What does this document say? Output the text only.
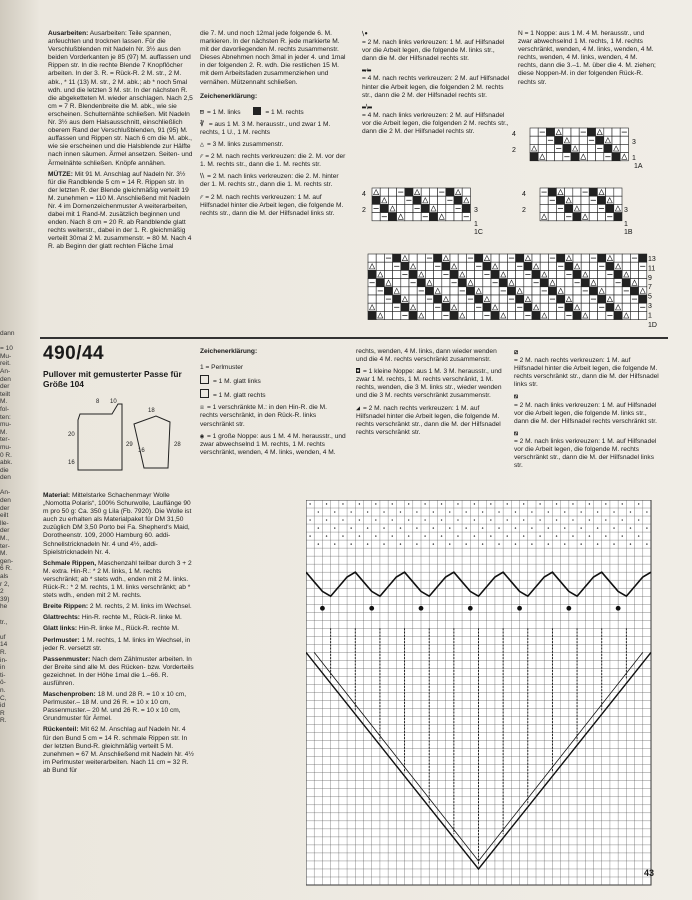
dann

= 10
Mu-
reit.
An-
den
der
teilt
M.
fol-
ten:
mu-
M.
ter-
mu-
0 R.
abk.
die
den

An-
den
der
eilt
lle-
der
M.,
ter-
M.
gen-
6 R.
als
r 2,
2
39)
he

tr.,

uf
14
R.
in-
in
ti-
ö-
n.
C,
id
R
R.

Ausarbeiten: Ausarbeiten: Teile spannen, anfeuchten und trocknen lassen. Für die Verschlußblenden mit Nadeln Nr. 3½ aus den beiden Vorderkanten je 85 (97) M. auffassen und Rippen str. In die rechte Blende 7 Knopflöcher arbeiten. In der 3. R. = Rück-R. 2 M. str., 2 M. abk., * 11 (13) M. str., 2 M. abk.; ab * noch 5mal wdh. und die letzten 3 M. str. In der nächsten R. die abgeketteten M. wieder anschlagen. Nach 2,5 cm = 7 R. Blendenbreite die M. abk., wie sie erscheinen. Schulternähte schließen. Mit Nadeln Nr. 3½ aus dem Halsausschnitt, einschließlich oberem Rand der Verschlußblenden, 91 (95) M. auffassen und Rippen str. Nach 6 cm die M. abk., wie sie erscheinen und die Halsblende zur Hälfte nach innen säumen. Ärmel ansetzen. Seiten- und Ärmelnähte schließen. Knöpfe annähen.

MÜTZE: Mit 91 M. Anschlag auf Nadeln Nr. 3½ für die Randblende 5 cm = 14 R. Rippen str. In der letzten R. der Blende gleichmäßig verteilt 19 M. zunehmen = 110 M. Anschließend mit Nadeln Nr. 4 im Dornenzeichenmuster A weiterarbeiten, dabei mit 1 Rand-M. zusätzlich beginnen und enden. Nach 8 cm = 20 R. ab Randblende glatt rechts weiterstr., dabei in der 1. R. gleichmäßig verteilt 30mal 2 M. zusammenstr. = 80 M. Nach 4 R. ab Beginn der glatt rechten Fläche 1mal

die 7. M. und noch 12mal jede folgende 6. M. markieren. In der nächsten R. jede markierte M. mit der davorliegenden M. rechts zusammenstr. Dieses Abnehmen noch 3mal in jeder 4. und 1mal in der folgenden 2. R. wdh. Die restlichen 15 M. mit dem Arbeitsfaden zusammenziehen und vernähen. Mützennaht schließen.

Zeichenerklärung:

⊟ = 1 M. links	= 1 M. rechts

∛ = aus 1 M. 3 M. herausstr., und zwar 1 M. rechts, 1 U., 1 M. rechts

△ = 3 M. links zusammenstr.

⁄⁄ = 2 M. nach rechts verkreuzen: die 2. M. vor der 1. M. rechts str., dann die 1. M. rechts str.

⧵⧵ = 2 M. nach links verkreuzen: die 2. M. hinter der 1. M. rechts str., dann die 1. M. rechts str.

⁄⁄ = 2 M. nach rechts verkreuzen: 1 M. auf Hilfsnadel hinter die Arbeit legen, die folgende M. rechts str., dann die M. der Hilfsnadel links str.

⧵•
= 2 M. nach links verkreuzen: 1 M. auf Hilfsnadel vor die Arbeit legen, die folgende M. links str., dann die M. der Hilfsnadel rechts str.

▬⁄▬
= 4 M. nach rechts verkreuzen: 2 M. auf Hilfsnadel hinter die Arbeit legen, die folgenden 2 M. rechts str., dann die 2 M. der Hilfsnadel rechts str.

▬⧵▬
= 4 M. nach links verkreuzen: 2 M. auf Hilfsnadel vor die Arbeit legen, die folgenden 2 M. rechts str., dann die 2 M. der Hilfsnadel rechts str.

N = 1 Noppe: aus 1 M. 4 M. herausstr., und zwar abwechselnd 1 M. rechts, 1 M. rechts verschränkt, wenden, 4 M. links, wenden, 4 M. rechts, wenden, 4 M. links, wenden, 4 M. rechts, dann die 3.–1. M. über die 4. M. ziehen; diese Noppen-M. in der folgenden Rück-R. rechts str.

4
2
3
1
1A
4
2	3
1
1C
4
2	3
1
1B
13
11
9
7
5
3
1
1D
490/44
Pullover mit gemusterter Passe für Größe 104
8 10
20
29
16
18
16
28

Material: Mittelstarke Schachenmayr Wolle „Nomotta Polaris“, 100% Schurwolle, Lauflänge 90 m pro 50 g: Ca. 350 g Lila (Fb. 7920). Die Wolle ist auch zu erhalten als Materialpaket für DM 31,50 zuzüglich DM 3,50 Porto bei Fa. Shepherd's Maid, Dorotheenstr. 109, 2000 Hamburg 60. addi-Schnellstricknadeln Nr. 4 und 4½, addi-Spielstricknadeln Nr. 4.

Schmale Rippen, Maschenzahl teilbar durch 3 + 2 M. extra. Hin-R.: * 2 M. links, 1 M. rechts verschränkt; ab * stets wdh., enden mit 2 M. links. Rück-R.: * 2 M. rechts, 1 M. links verschränkt; ab * stets wdh., enden mit 2 M. rechts.

Breite Rippen: 2 M. rechts, 2 M. links im Wechsel.

Glattrechts: Hin-R. rechte M., Rück-R. linke M.

Glatt links: Hin-R. linke M., Rück-R. rechte M.

Perlmuster: 1 M. rechts, 1 M. links im Wechsel, in jeder R. versetzt str.

Passenmuster: Nach dem Zählmuster arbeiten. In der Breite sind alle M. des Rücken- bzw. Vorderteils gezeichnet. In der Höhe 1mal die 1.–66. R. ausführen.

Maschenproben: 18 M. und 28 R. = 10 x 10 cm, Perlmuster.– 18 M. und 26 R. = 10 x 10 cm, Passenmuster.– 20 M. und 26 R. = 10 x 10 cm, Grundmuster für Ärmel.

Rückenteil: Mit 62 M. Anschlag auf Nadeln Nr. 4 für den Bund 5 cm = 14 R. schmale Rippen str. In der letzten Bund-R. gleichmäßig verteilt 5 M. zunehmen = 67 M. Anschließend mit Nadeln Nr. 4½ im Perlmuster weiterarbeiten. Nach 11 cm = 32 R. ab Bund für

Zeichenerklärung:

1 = Perlmuster

= 1 M. glatt links

= 1 M. glatt rechts

☒ = 1 verschränkte M.: in den Hin-R. die M. rechts verschränkt, in den Rück-R. links verschränkt str.

◉ = 1 große Noppe: aus 1 M. 4 M. herausstr., und zwar abwechselnd 1 M. rechts, 1 M. rechts verschränkt, wenden, 4 M. links, wenden, 4 M.

rechts, wenden, 4 M. links, dann wieder wenden und die 4 M. rechts verschränkt zusammenstr.

◘ = 1 kleine Noppe: aus 1 M. 3 M. herausstr., und zwar 1 M. rechts, 1 M. rechts verschränkt, 1 M. rechts, wenden, die 3 M. links str., wieder wenden und die 3 M. rechts verschränkt zusammenstr.

◢ = 2 M. nach rechts verkreuzen: 1 M. auf Hilfsnadel hinter die Arbeit legen, die folgende M. rechts verschränkt str., dann die M. der Hilfsnadel rechts verschränkt str.

⧄
= 2 M. nach rechts verkreuzen: 1 M. auf Hilfsnadel hinter die Arbeit legen, die folgende M. rechts verschränkt str., dann die M. der Hilfsnadel links str.

⧅
= 2 M. nach links verkreuzen: 1 M. auf Hilfsnadel vor die Arbeit legen, die folgende M. links str., dann die M. der Hilfsnadel rechts verschränkt str.

⧅
= 2 M. nach links verkreuzen: 1 M. auf Hilfsnadel vor die Arbeit legen, die folgende M. rechts verschränkt str., dann die M. der Hilfsnadel links str.

43
